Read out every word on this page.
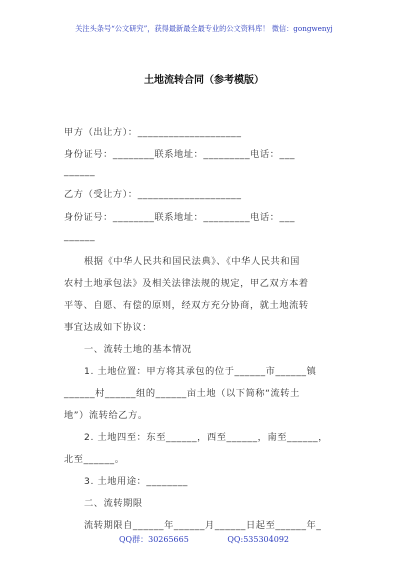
关注头条号“公文研究”，获得最新最全最专业的公文资料库！ 微信：gongwenyj
土地流转合同（参考模版）
甲方（出让方）：____________________
身份证号：________联系地址：_________电话：___
______
乙方（受让方）：____________________
身份证号：________联系地址：_________电话：___
______
根据《中华人民共和国民法典》、《中华人民共和国
农村土地承包法》及相关法律法规的规定，甲乙双方本着
平等、自愿、有偿的原则，经双方充分协商，就土地流转
事宜达成如下协议：
一、流转土地的基本情况
1. 土地位置：甲方将其承包的位于______市______镇
______村______组的______亩土地（以下简称“流转土
地”）流转给乙方。
2. 土地四至：东至______，西至______，南至______，
北至______。
3. 土地用途：________
二、流转期限
流转期限自______年______月______日起至______年_
QQ群：30265665	QQ:535304092
